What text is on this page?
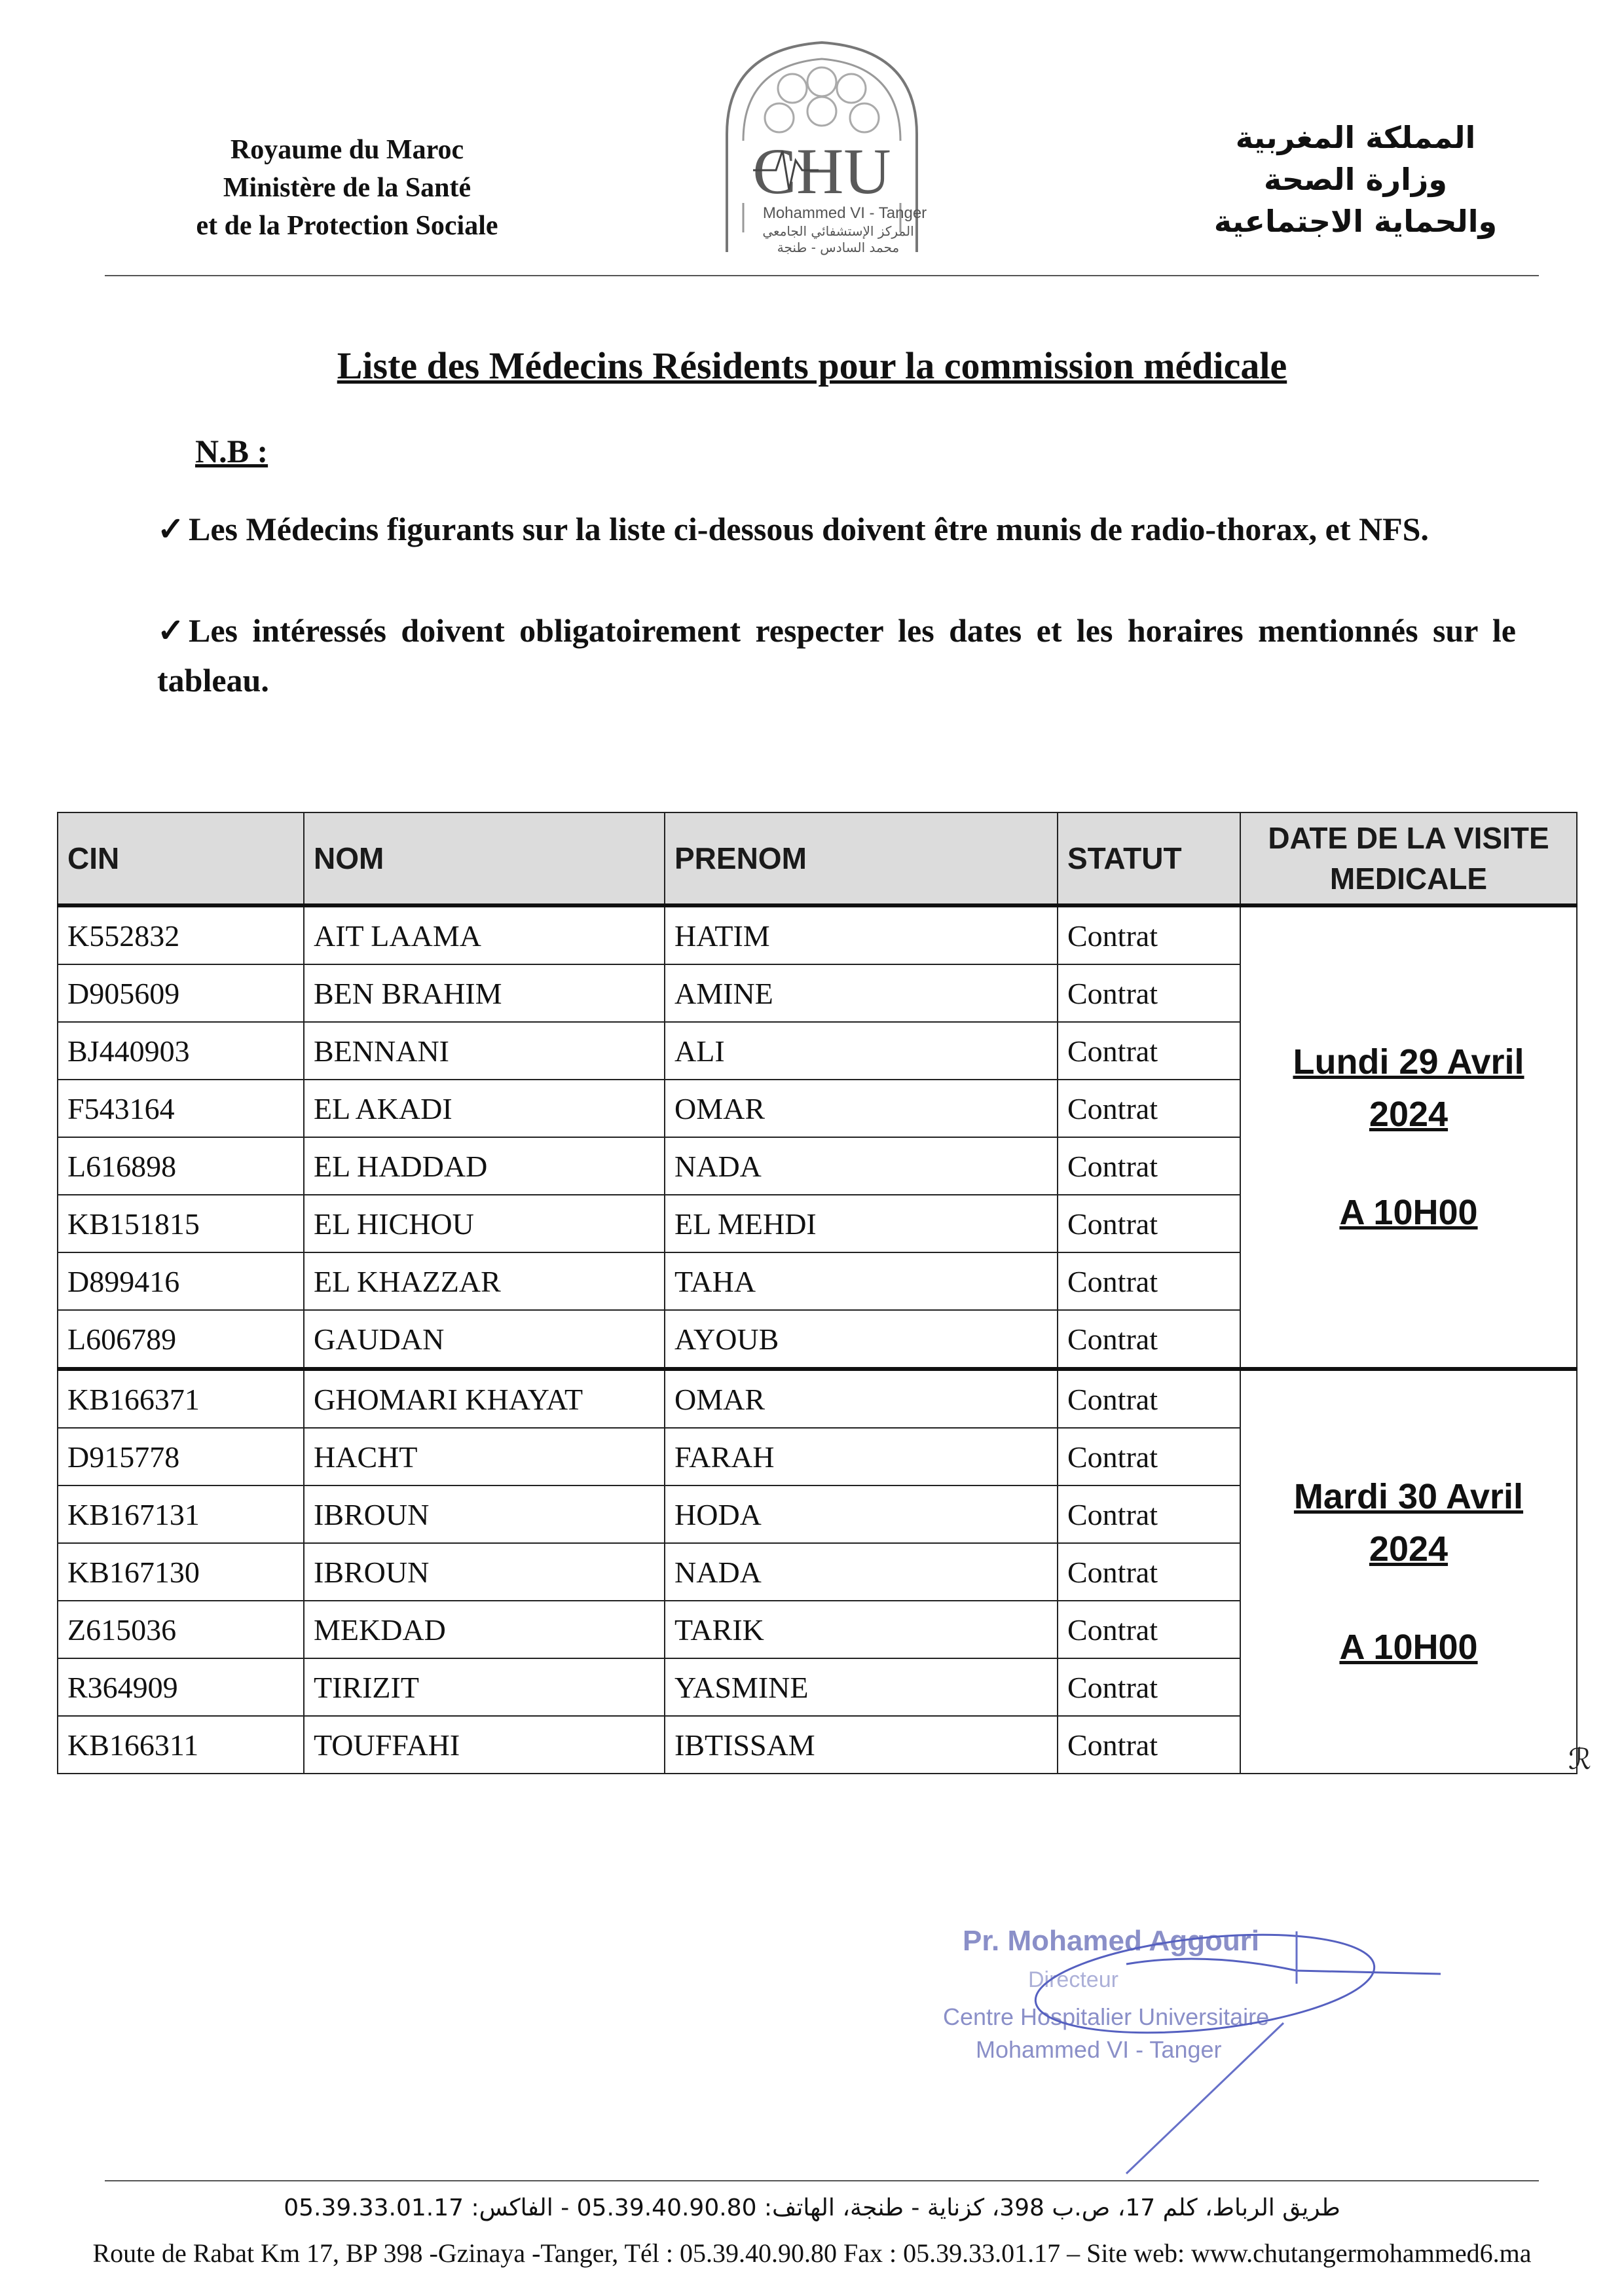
Royaume du Maroc
Ministère de la Santé
et de la Protection Sociale
CHU
Mohammed VI - Tanger
المركز الإستشفائي الجامعي
محمد السادس - طنجة
المملكة المغربية
وزارة الصحة
والحماية الاجتماعية
Liste des Médecins Résidents pour la commission médicale
N.B :
✓ Les Médecins figurants sur la liste ci-dessous doivent être munis de radio-thorax, et NFS.
✓ Les intéressés doivent obligatoirement respecter les dates et les horaires mentionnés sur le tableau.
CIN	NOM	PRENOM	STATUT	DATE DE LA VISITE
MEDICALE
K552832	AIT LAAMA	HATIM	Contrat	Lundi 29 Avril
2024
A 10H00

D905609	BEN BRAHIM	AMINE	Contrat	
BJ440903	BENNANI	ALI	Contrat	
F543164	EL AKADI	OMAR	Contrat	
L616898	EL HADDAD	NADA	Contrat	
KB151815	EL HICHOU	EL MEHDI	Contrat	
D899416	EL KHAZZAR	TAHA	Contrat	
L606789	GAUDAN	AYOUB	Contrat	
KB166371	GHOMARI KHAYAT	OMAR	Contrat	Mardi 30 Avril
2024
A 10H00

D915778	HACHT	FARAH	Contrat	
KB167131	IBROUN	HODA	Contrat	
KB167130	IBROUN	NADA	Contrat	
Z615036	MEKDAD	TARIK	Contrat	
R364909	TIRIZIT	YASMINE	Contrat	
KB166311	TOUFFAHI	IBTISSAM	Contrat		ℛ
Pr. Mohamed Aggouri
Directeur
Centre Hospitalier Universitaire
Mohammed VI - Tanger
طريق الرباط، كلم 17، ص.ب 398، كزناية - طنجة، الهاتف: 05.39.40.90.80 - الفاكس: 05.39.33.01.17
Route de Rabat Km 17, BP 398 -Gzinaya -Tanger, Tél : 05.39.40.90.80 Fax : 05.39.33.01.17 – Site web: www.chutangermohammed6.ma
